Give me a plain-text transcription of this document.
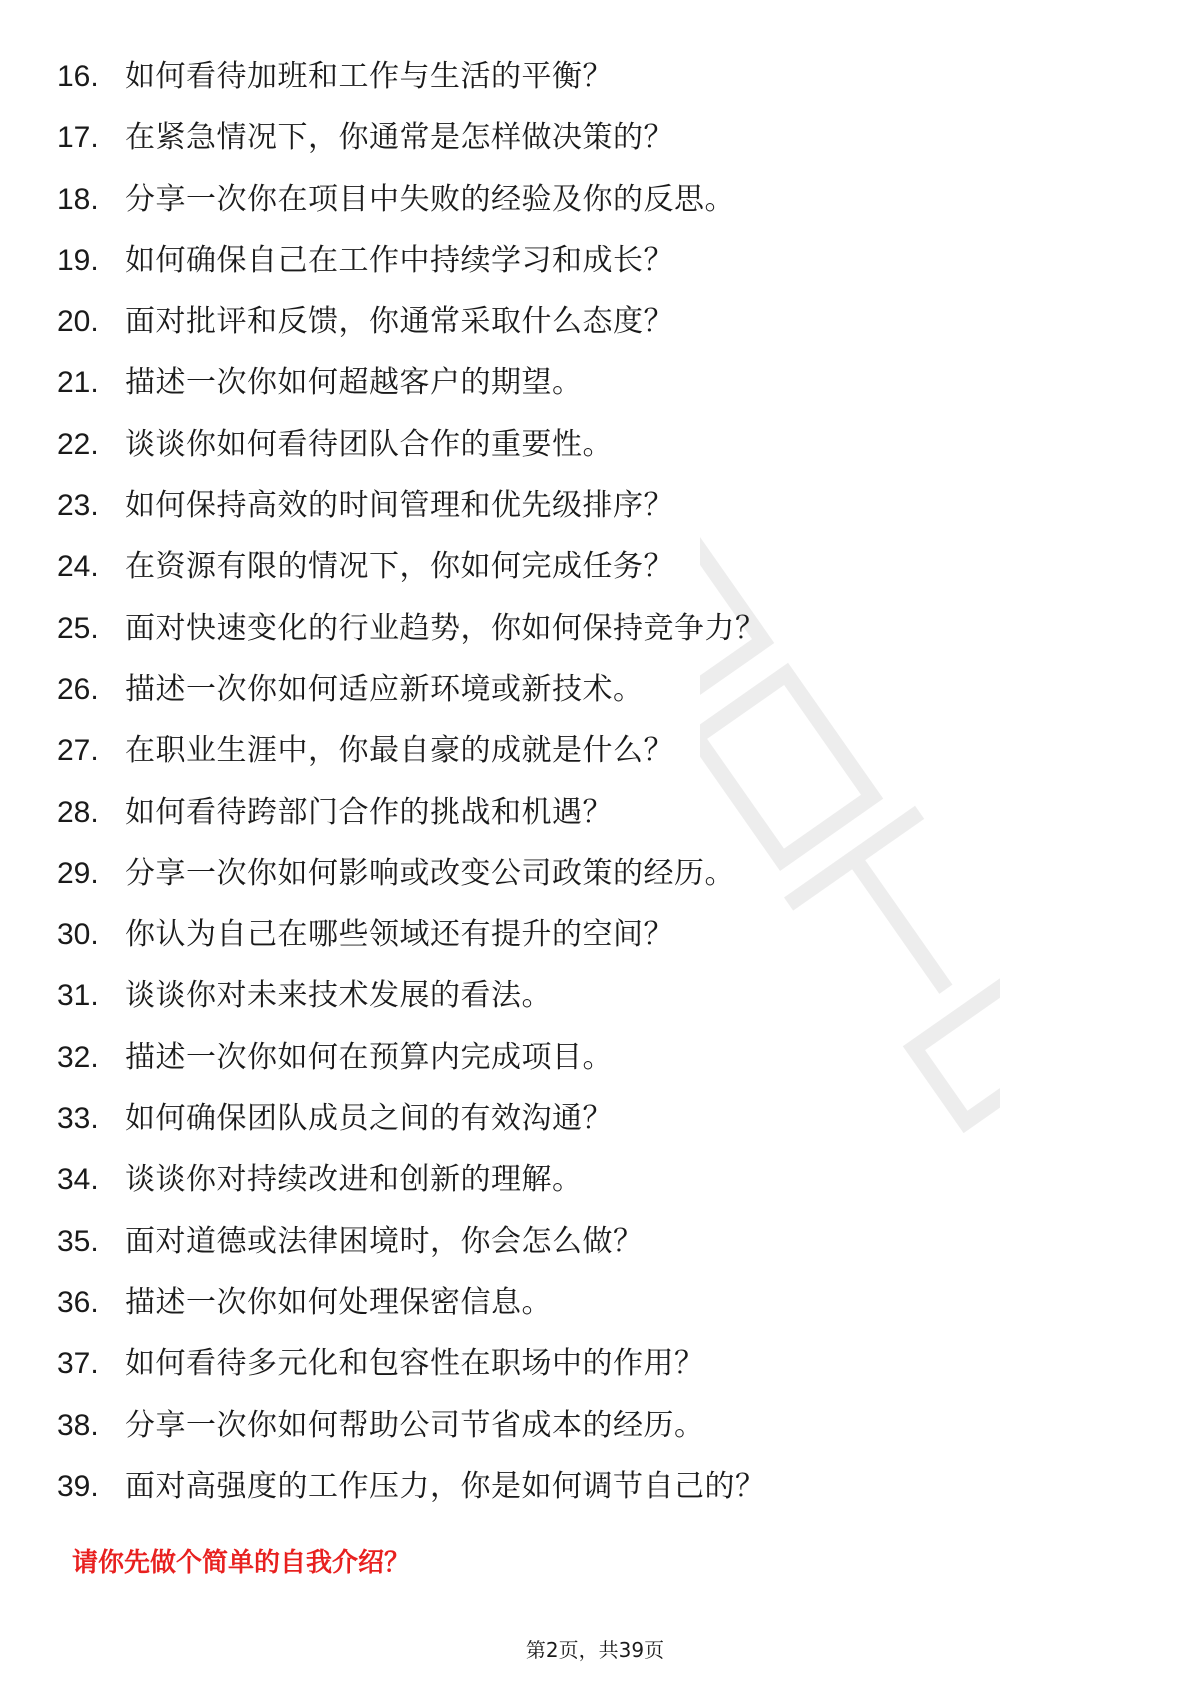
16. 如何看待加班和工作与生活的平衡？
17. 在紧急情况下，你通常是怎样做决策的？
18. 分享一次你在项目中失败的经验及你的反思。
19. 如何确保自己在工作中持续学习和成长？
20. 面对批评和反馈，你通常采取什么态度？
21. 描述一次你如何超越客户的期望。
22. 谈谈你如何看待团队合作的重要性。
23. 如何保持高效的时间管理和优先级排序？
24. 在资源有限的情况下，你如何完成任务？
25. 面对快速变化的行业趋势，你如何保持竞争力？
26. 描述一次你如何适应新环境或新技术。
27. 在职业生涯中，你最自豪的成就是什么？
28. 如何看待跨部门合作的挑战和机遇？
29. 分享一次你如何影响或改变公司政策的经历。
30. 你认为自己在哪些领域还有提升的空间？
31. 谈谈你对未来技术发展的看法。
32. 描述一次你如何在预算内完成项目。
33. 如何确保团队成员之间的有效沟通？
34. 谈谈你对持续改进和创新的理解。
35. 面对道德或法律困境时，你会怎么做？
36. 描述一次你如何处理保密信息。
37. 如何看待多元化和包容性在职场中的作用？
38. 分享一次你如何帮助公司节省成本的经历。
39. 面对高强度的工作压力，你是如何调节自己的？
请你先做个简单的自我介绍？
第2页，共39页
